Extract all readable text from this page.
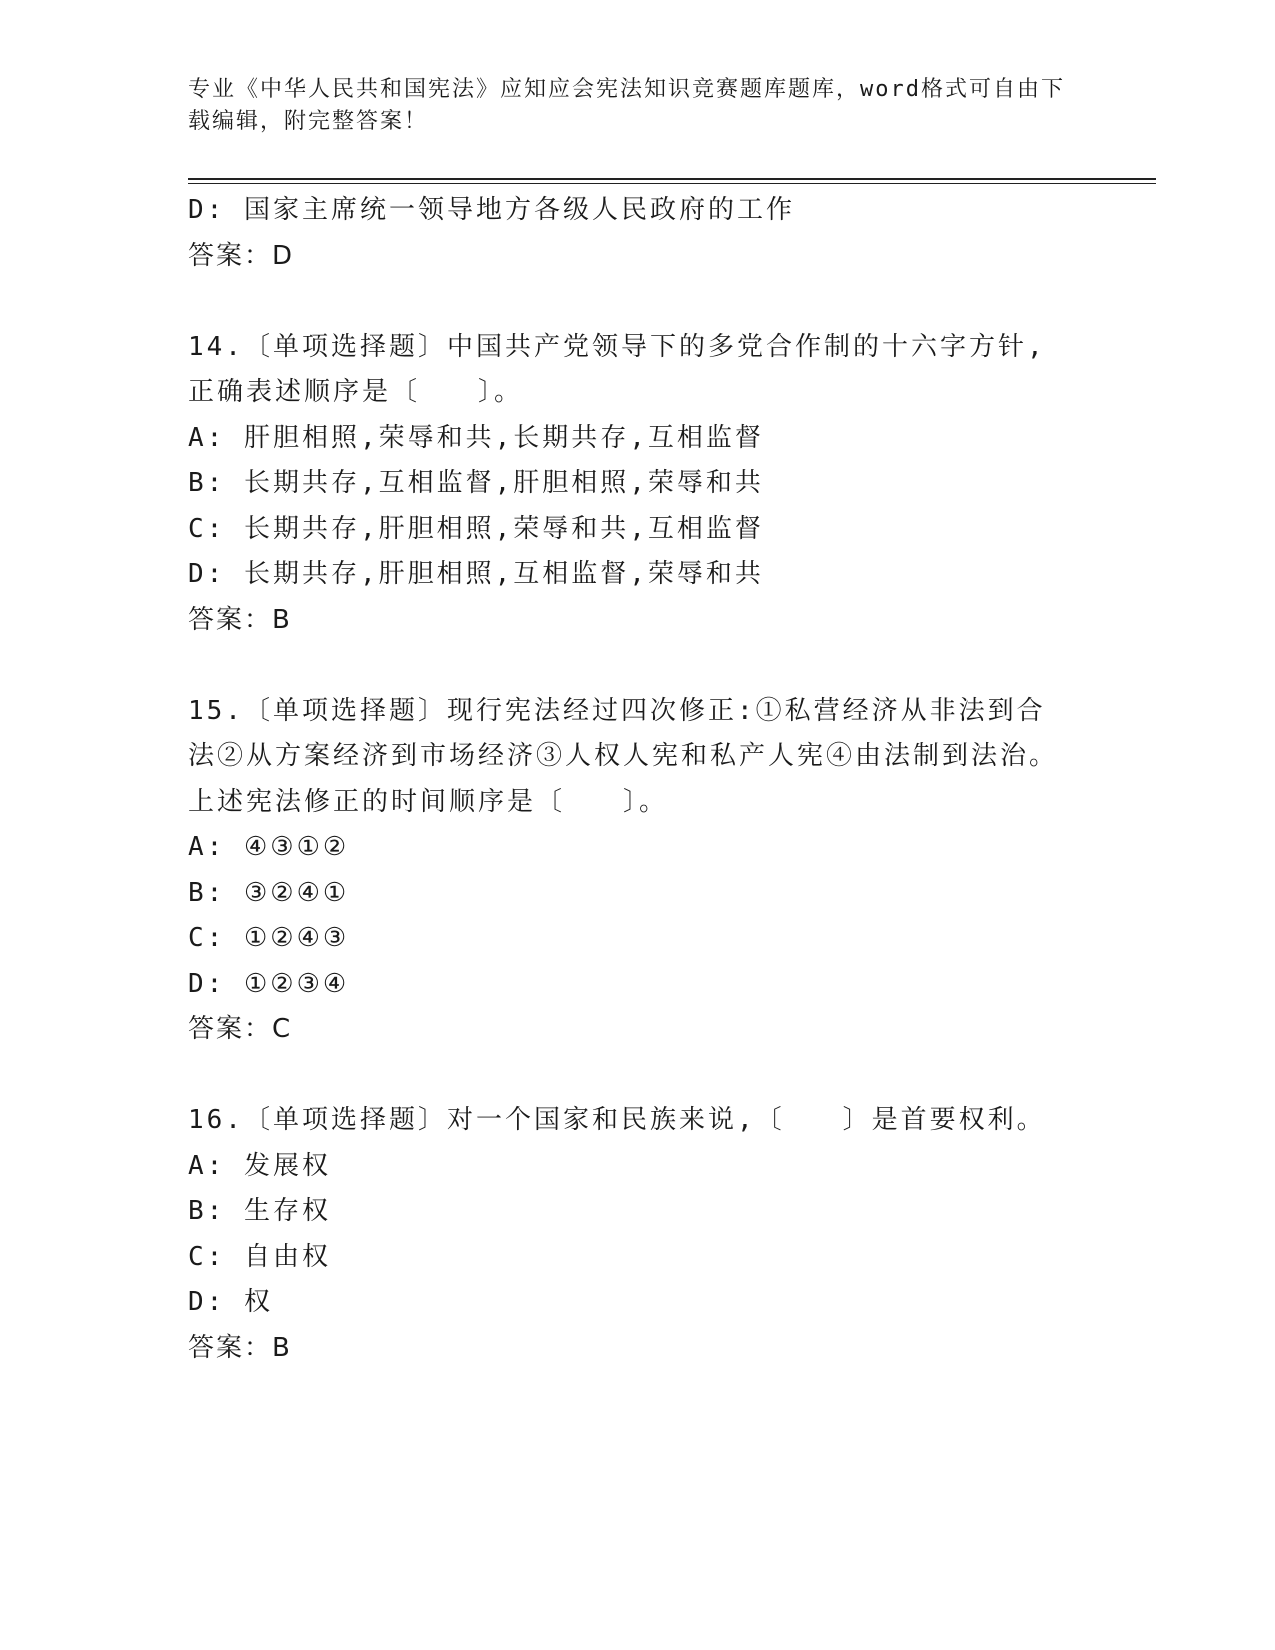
专业《中华人民共和国宪法》应知应会宪法知识竞赛题库题库，word格式可自由下载编辑，附完整答案！
D: 国家主席统一领导地方各级人民政府的工作
答案：D
14.〔单项选择题〕中国共产党领导下的多党合作制的十六字方针,正确表述顺序是〔　　〕。
A: 肝胆相照,荣辱和共,长期共存,互相监督
B: 长期共存,互相监督,肝胆相照,荣辱和共
C: 长期共存,肝胆相照,荣辱和共,互相监督
D: 长期共存,肝胆相照,互相监督,荣辱和共
答案：B
15.〔单项选择题〕现行宪法经过四次修正:①私营经济从非法到合法②从方案经济到市场经济③人权人宪和私产人宪④由法制到法治。上述宪法修正的时间顺序是〔　　〕。
A: ④③①②
B: ③②④①
C: ①②④③
D: ①②③④
答案：C
16.〔单项选择题〕对一个国家和民族来说,〔　　〕是首要权利。
A: 发展权
B: 生存权
C: 自由权
D: 权
答案：B
